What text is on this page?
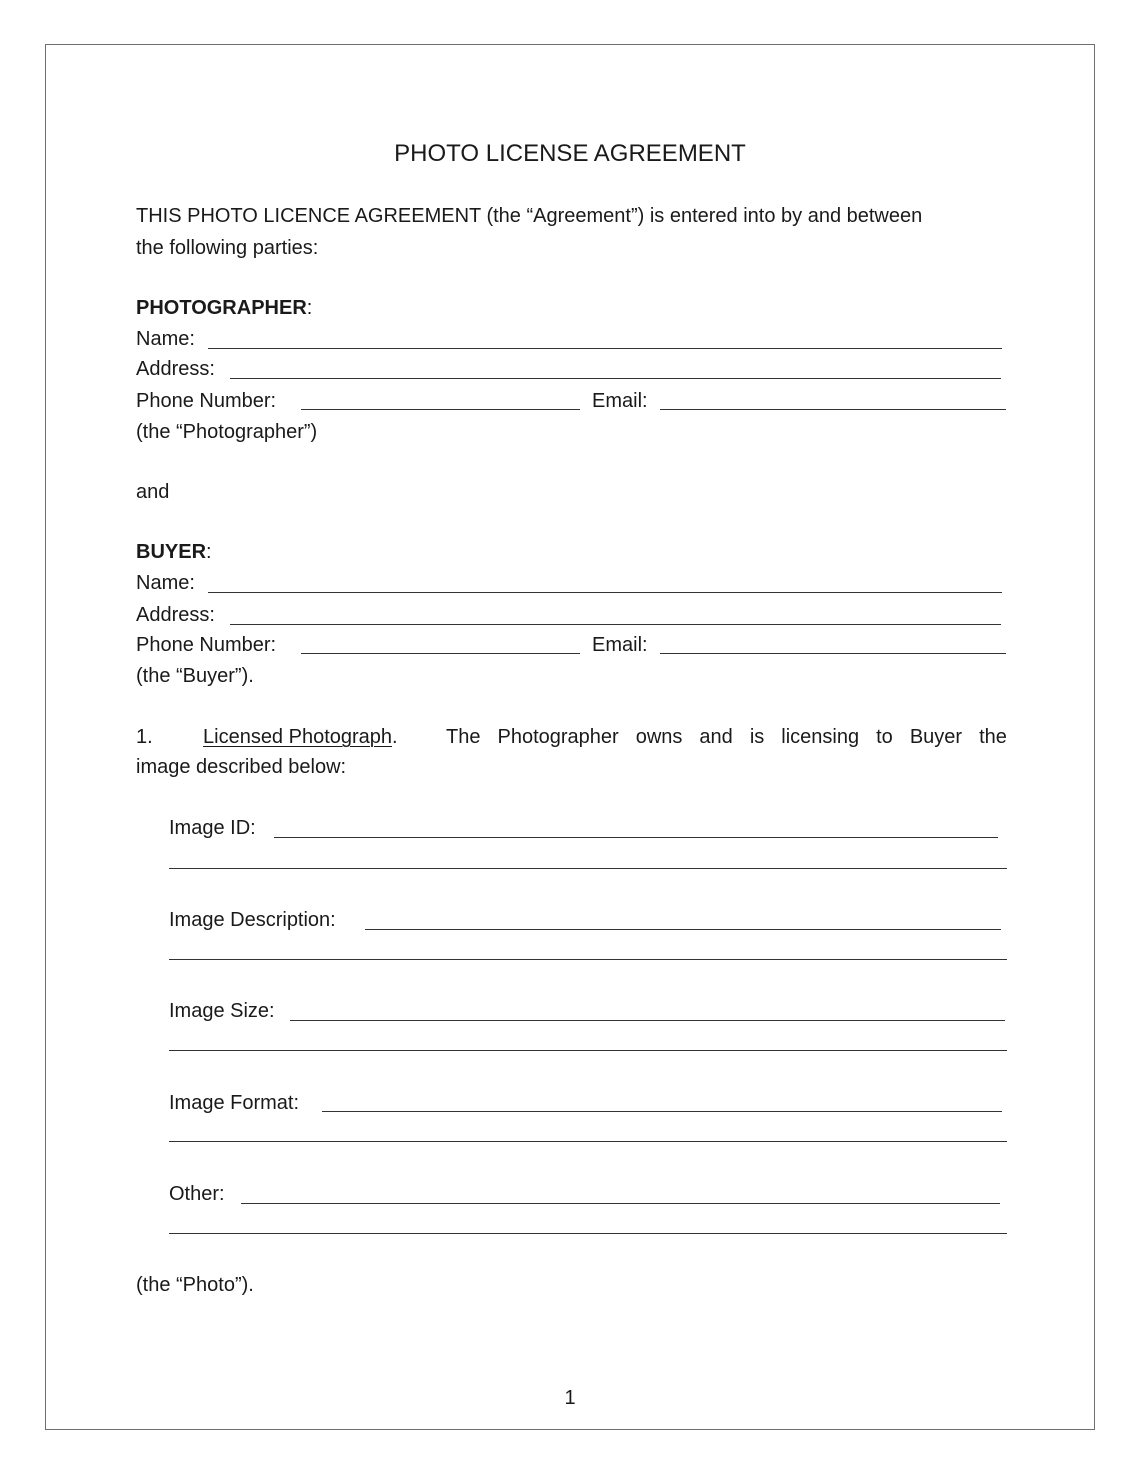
PHOTO LICENSE AGREEMENT
THIS PHOTO LICENCE AGREEMENT (the “Agreement”) is entered into by and between
the following parties:
PHOTOGRAPHER:
Name:
Address:
Phone Number:	Email:
(the “Photographer”)
and
BUYER:
Name:
Address:
Phone Number:	Email:
(the “Buyer”).
1.	Licensed Photograph. The Photographer owns and is licensing to Buyer the
image described below:
Image ID:
Image Description:
Image Size:
Image Format:
Other:
(the “Photo”).
1
